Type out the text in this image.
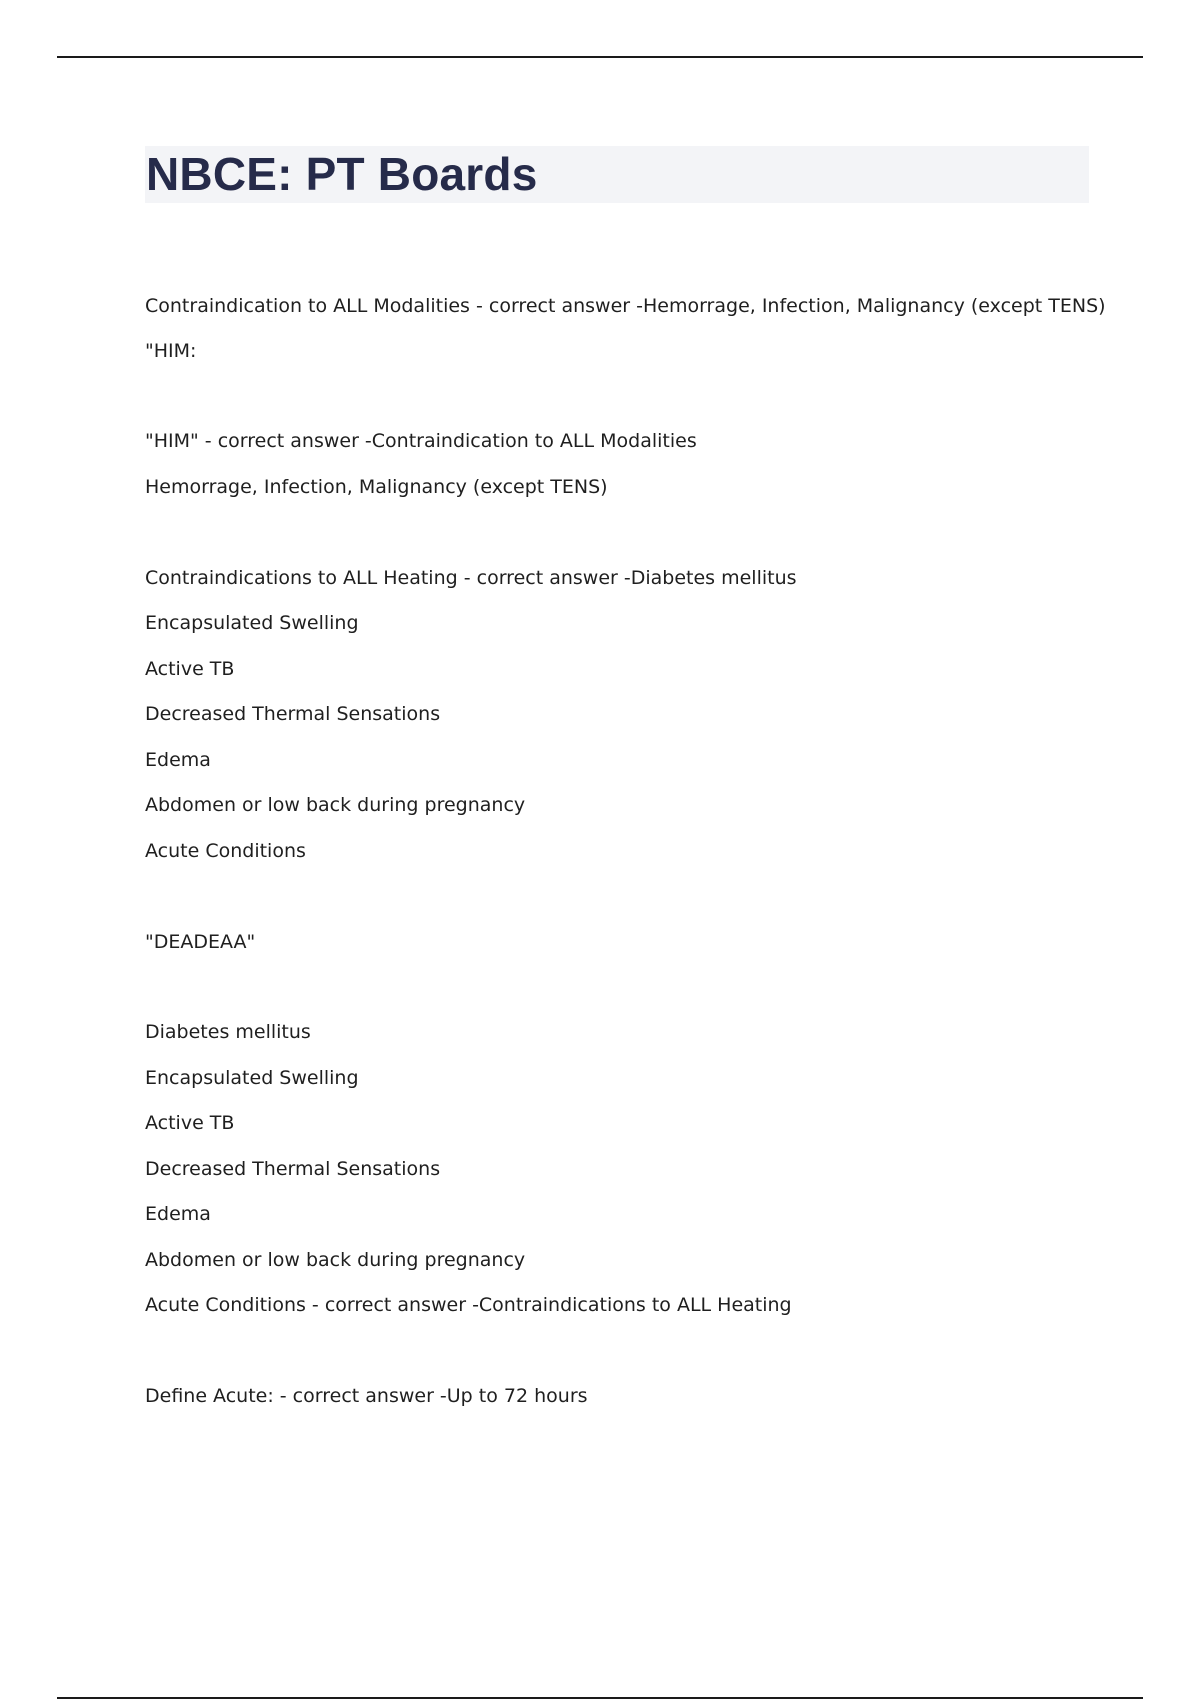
NBCE: PT Boards
Contraindication to ALL Modalities - correct answer -Hemorrage, Infection, Malignancy (except TENS)
"HIM:
"HIM" - correct answer -Contraindication to ALL Modalities
Hemorrage, Infection, Malignancy (except TENS)
Contraindications to ALL Heating - correct answer -Diabetes mellitus
Encapsulated Swelling
Active TB
Decreased Thermal Sensations
Edema
Abdomen or low back during pregnancy
Acute Conditions
"DEADEAA"
Diabetes mellitus
Encapsulated Swelling
Active TB
Decreased Thermal Sensations
Edema
Abdomen or low back during pregnancy
Acute Conditions - correct answer -Contraindications to ALL Heating
Define Acute: - correct answer -Up to 72 hours
